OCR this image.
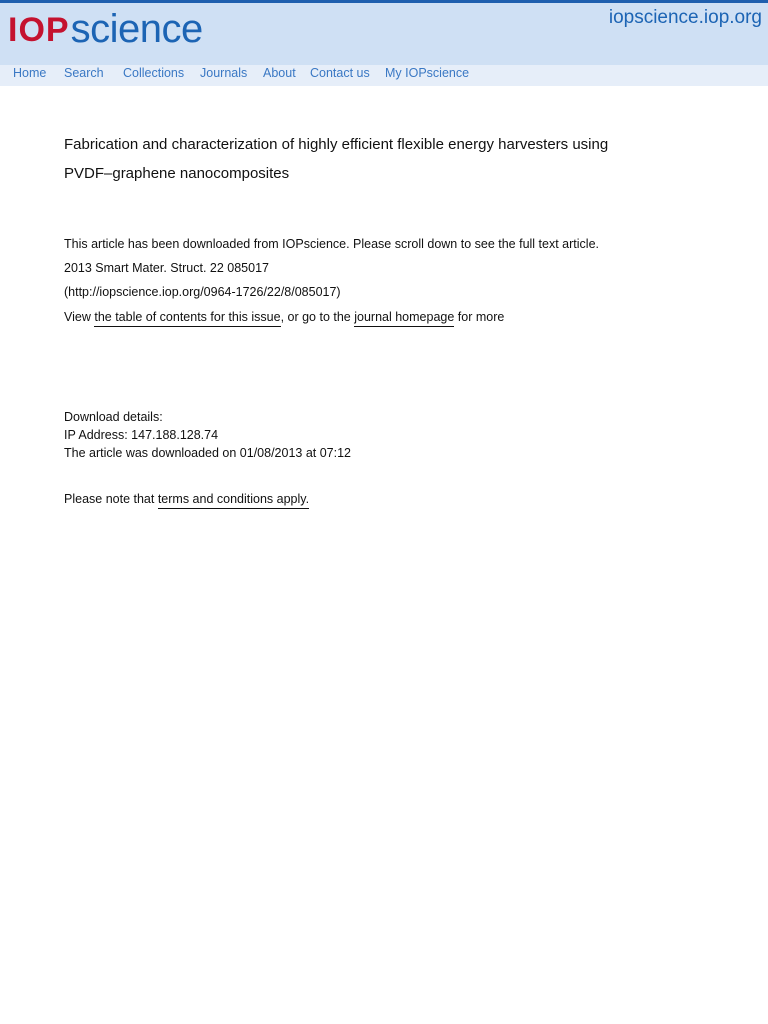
IOP science	iopscience.iop.org
Home Search Collections Journals About Contact us My IOPscience
Fabrication and characterization of highly efficient flexible energy harvesters using
PVDF–graphene nanocomposites
This article has been downloaded from IOPscience. Please scroll down to see the full text article.
2013 Smart Mater. Struct. 22 085017
(http://iopscience.iop.org/0964-1726/22/8/085017)
View the table of contents for this issue, or go to the journal homepage for more
Download details:
IP Address: 147.188.128.74
The article was downloaded on 01/08/2013 at 07:12
Please note that terms and conditions apply.
